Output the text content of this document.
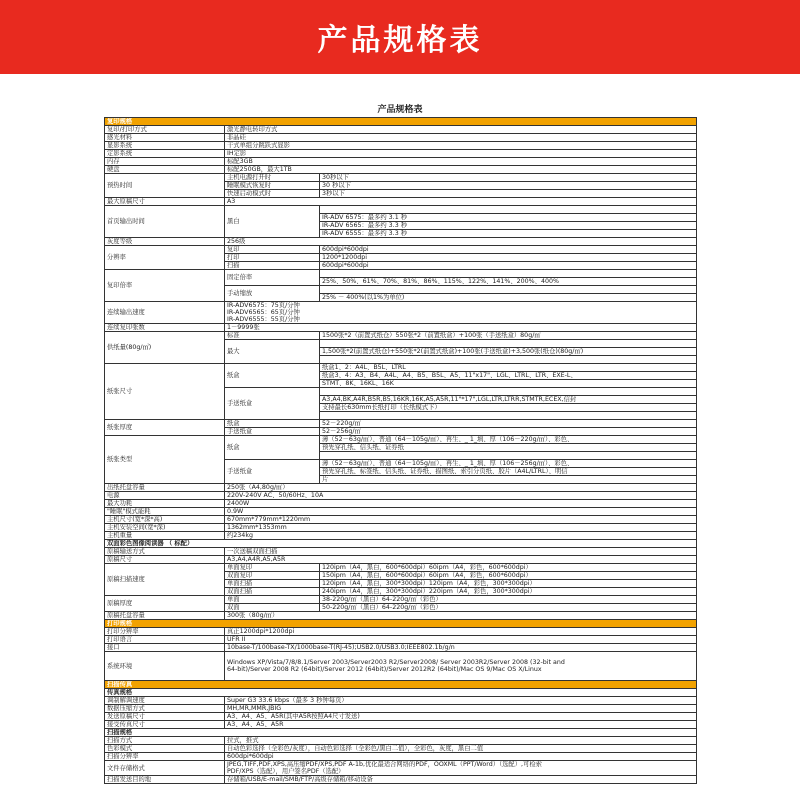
产品规格表
产品规格表
复印规格		
复印/打印方式	激光静电转印方式	
感光材料	非晶硅	
显影系统	干式单组分跳跃式显影	
定影系统	IH定影	
内存	标配3GB	
硬盘	标配250GB，最大1TB	
预热时间	主机电源打开时	30秒以下
	睡眠模式恢复时	30 秒以下
	快速启动模式时	3秒以下
最大原稿尺寸	A3	
首页输出时间	黑白	
		IR-ADV 6575：最多约 3.1 秒
		IR-ADV 6565：最多约 3.3 秒
		IR-ADV 6555：最多约 3.3 秒
灰度等级	256级	
分辨率	复印	600dpi*600dpi
	打印	1200*1200dpi
	扫描	600dpi*600dpi
复印倍率	固定倍率	
		25%、50%、61%、70%、81%、86%、115%、122%、141%、200%、400%
	手动缩放	
		25% － 400%(以1%为单位)
连续输出速度	IR-ADV6575：75页/分钟
IR-ADV6565：65页/分钟
IR-ADV6555：55页/分钟	

连续复印张数	1－9999张	
供纸量(80g/㎡)	标准	1500张*2（前置式纸仓）550张*2（前置纸盒）+100张（手送纸盒）80g/㎡
	最大	
		1,500张*2(前置式纸仓)+550张*2(前置式纸盒)+100张(手送纸盒)+3,500张(纸仓)(80g/㎡)

纸张尺寸	纸盒	纸盒1、2：A4L、B5L、LTRL
		纸盒3、4：A3、B4、A4L、A4、B5、B5L、A5、11"x17"、LGL、LTRL、LTR、EXE-L、
		STMT、8K、16KL、16K
	手送纸盒	
		A3,A4,BK,A4R,B5R,B5,16KR,16K,A5,A5R,11"*17",LGL,LTR,LTRR,STMTR,ECEX,信封
		支持最长630mm长纸打印（长纸模式下）

纸张厚度	纸盒	52－220g/㎡
	手送纸盒	52－256g/㎡
纸张类型	纸盒	薄（52－63g/㎡）、普通（64－105g/㎡）、再生、_ 1_填、厚（106－220g/㎡）、彩色、
		预先穿孔纸、信头纸、证券纸

	手送纸盒	薄（52－63g/㎡）、普通（64－105g/㎡）、再生、_ 1_填、厚（106－256g/㎡）、彩色、
		预先穿孔纸、标签纸、信头纸、证券纸、描图纸、索引分页纸、胶片（A4L/LTRL）、明信
		片
出纸托盘容量	250张（A4,80g/㎡）	
电源	220V-240V AC、50/60Hz、10A	
最大功耗	2400W	
"睡眠"模式能耗	0.9W	
主机尺寸(宽*深*高)	670mm*779mm*1220mm	
主机安装空间(宽*深)	1362mm*1353mm	
主机重量	约234kg	
双面彩色图像阅读器 （ 标配）		
原稿输送方式	一次送稿双面扫描	
原稿尺寸	A3,A4,A4R,A5,A5R	
原稿扫描速度	单面复印	120ipm（A4，黑白，600*600dpi）60ipm（A4，彩色，600*600dpi）
	双面复印	150ipm（A4，黑白，600*600dpi）60ipm（A4，彩色，600*600dpi）
	单面扫描	120ipm（A4，黑白，300*300dpi）120ipm（A4，彩色，300*300dpi）
	双面扫描	240ipm（A4，黑白，300*300dpi）220ipm（A4，彩色，300*300dpi）
原稿厚度	单面	38-220g/㎡（黑白）64-220g/㎡（彩色）
	双面	50-220g/㎡（黑白）64-220g/㎡（彩色）
原稿托盘容量	300张（80g/㎡）	
打印规格		
打印分辨率	真正1200dpi*1200dpi	
打印语言	UFR II	
接口	10base-T/100base-TX/1000base-T(RJ-45);USB2.0/USB3.0;IEEE802.1b/g/n	
系统环境	Windows XP/Vista/7/8/8.1/Server 2003/Server2003 R2/Server2008/ Server 2003R2/Server 2008 (32-bit and
64-bit)/Server 2008 R2 (64bit)/Server 2012 (64bit)/Server 2012R2 (64bit)/Mac OS 9/Mac OS X/Linux	

扫描传真		
传真规格		
调制解调速度	Super G3 33.6 kbps（最多 3 秒钟每页）	
数据压缩方式	MH,MR,MMR,JBIG	
发送原稿尺寸	A3、A4、A5、A5R(其中A5R按照A4尺寸发送)	
接受传真尺寸	A3、A4、A5、A5R	
扫描规格		
扫描方式	拉式，推式	
色彩模式	自动色彩选择（全彩色/灰度），自动色彩选择（全彩色/黑白二值），全彩色，灰度，黑白二值	
扫描分辨率	600dpi*600dpi	
文件存储格式	JPEG,TIFF,PDF,XPS,高压缩PDF/XPS,PDF A-1b,优化最适合网络的PDF，OOXML（PPT/Word）（选配）,可检索
PDF/XPS（选配），用户签名PDF（选配）	

扫描发送目的地	存储箱/USB/E-mail/SMB/FTP/高级存储箱/移动设备	
